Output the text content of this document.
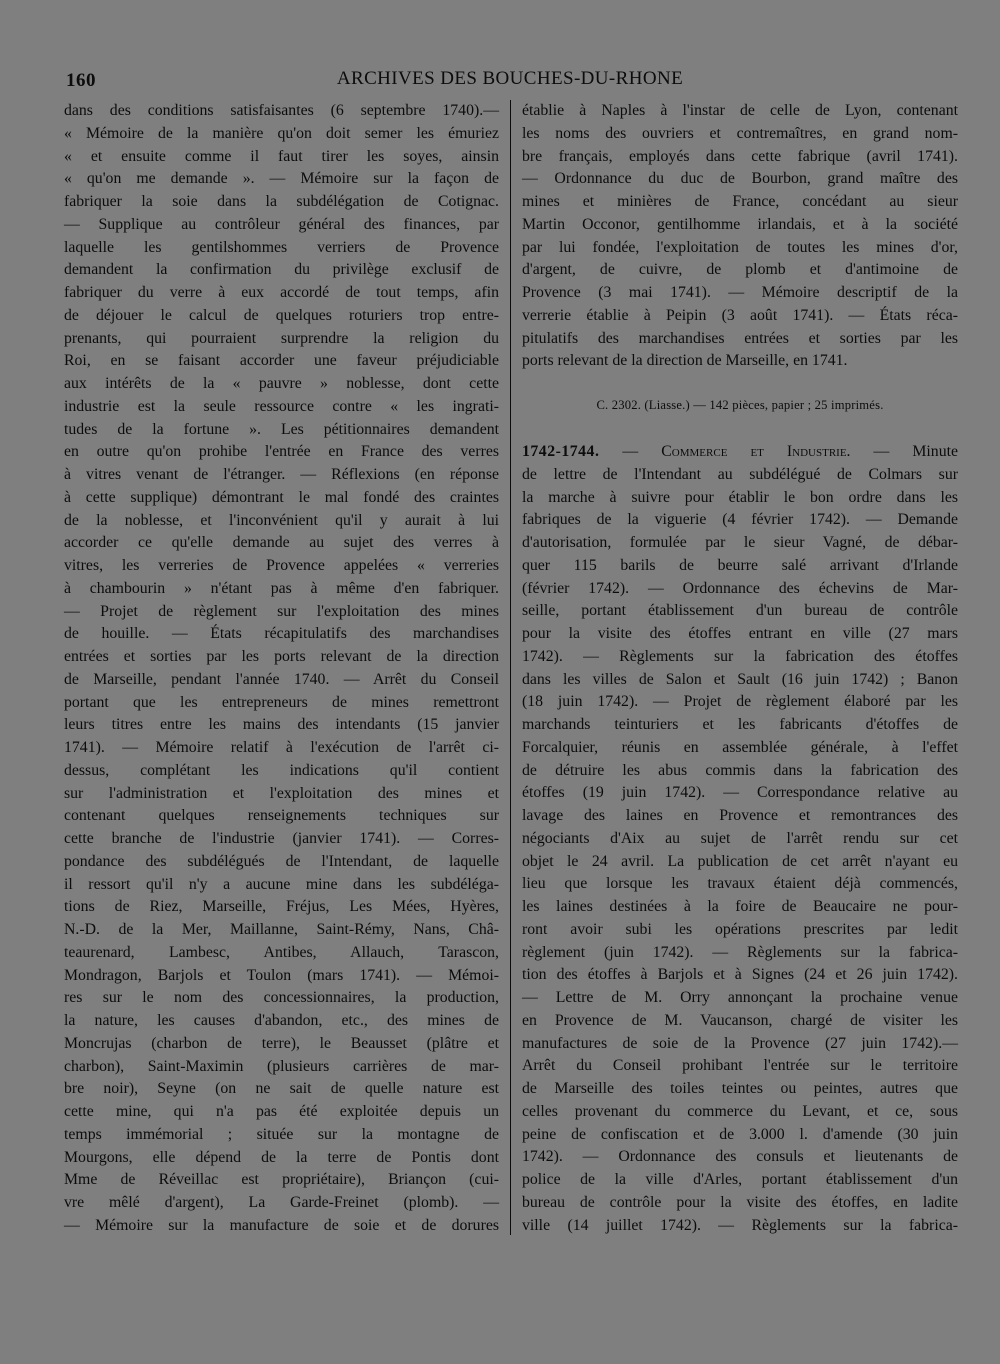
160	ARCHIVES DES BOUCHES-DU-RHONE
dans des conditions satisfaisantes (6 septembre 1740).—
« Mémoire de la manière qu'on doit semer les émuriez
« et ensuite comme il faut tirer les soyes, ainsin
« qu'on me demande ». — Mémoire sur la façon de
fabriquer la soie dans la subdélégation de Cotignac.
— Supplique au contrôleur général des finances, par
laquelle les gentilshommes verriers de Provence
demandent la confirmation du privilège exclusif de
fabriquer du verre à eux accordé de tout temps, afin
de déjouer le calcul de quelques roturiers trop entre-
prenants, qui pourraient surprendre la religion du
Roi, en se faisant accorder une faveur préjudiciable
aux intérêts de la « pauvre » noblesse, dont cette
industrie est la seule ressource contre « les ingrati-
tudes de la fortune ». Les pétitionnaires demandent
en outre qu'on prohibe l'entrée en France des verres
à vitres venant de l'étranger. — Réflexions (en réponse
à cette supplique) démontrant le mal fondé des craintes
de la noblesse, et l'inconvénient qu'il y aurait à lui
accorder ce qu'elle demande au sujet des verres à
vitres, les verreries de Provence appelées « verreries
à chambourin » n'étant pas à même d'en fabriquer.
— Projet de règlement sur l'exploitation des mines
de houille. — États récapitulatifs des marchandises
entrées et sorties par les ports relevant de la direction
de Marseille, pendant l'année 1740. — Arrêt du Conseil
portant que les entrepreneurs de mines remettront
leurs titres entre les mains des intendants (15 janvier
1741). — Mémoire relatif à l'exécution de l'arrêt ci-
dessus, complétant les indications qu'il contient
sur l'administration et l'exploitation des mines et
contenant quelques renseignements techniques sur
cette branche de l'industrie (janvier 1741). — Corres-
pondance des subdélégués de l'Intendant, de laquelle
il ressort qu'il n'y a aucune mine dans les subdéléga-
tions de Riez, Marseille, Fréjus, Les Mées, Hyères,
N.-D. de la Mer, Maillanne, Saint-Rémy, Nans, Châ-
teaurenard, Lambesc, Antibes, Allauch, Tarascon,
Mondragon, Barjols et Toulon (mars 1741). — Mémoi-
res sur le nom des concessionnaires, la production,
la nature, les causes d'abandon, etc., des mines de
Moncrujas (charbon de terre), le Beausset (plâtre et
charbon), Saint-Maximin (plusieurs carrières de mar-
bre noir), Seyne (on ne sait de quelle nature est
cette mine, qui n'a pas été exploitée depuis un
temps immémorial ; située sur la montagne de
Mourgons, elle dépend de la terre de Pontis dont
Mme de Réveillac est propriétaire), Briançon (cui-
vre mêlé d'argent), La Garde-Freinet (plomb). —
— Mémoire sur la manufacture de soie et de dorures
établie à Naples à l'instar de celle de Lyon, contenant
les noms des ouvriers et contremaîtres, en grand nom-
bre français, employés dans cette fabrique (avril 1741).
— Ordonnance du duc de Bourbon, grand maître des
mines et minières de France, concédant au sieur
Martin Occonor, gentilhomme irlandais, et à la société
par lui fondée, l'exploitation de toutes les mines d'or,
d'argent, de cuivre, de plomb et d'antimoine de
Provence (3 mai 1741). — Mémoire descriptif de la
verrerie établie à Peipin (3 août 1741). — États réca-
pitulatifs des marchandises entrées et sorties par les
ports relevant de la direction de Marseille, en 1741.
C. 2302. (Liasse.) — 142 pièces, papier ; 25 imprimés.
1742-1744. — Commerce et Industrie. — Minute
de lettre de l'Intendant au subdélégué de Colmars sur
la marche à suivre pour établir le bon ordre dans les
fabriques de la viguerie (4 février 1742). — Demande
d'autorisation, formulée par le sieur Vagné, de débar-
quer 115 barils de beurre salé arrivant d'Irlande
(février 1742). — Ordonnance des échevins de Mar-
seille, portant établissement d'un bureau de contrôle
pour la visite des étoffes entrant en ville (27 mars
1742). — Règlements sur la fabrication des étoffes
dans les villes de Salon et Sault (16 juin 1742) ; Banon
(18 juin 1742). — Projet de règlement élaboré par les
marchands teinturiers et les fabricants d'étoffes de
Forcalquier, réunis en assemblée générale, à l'effet
de détruire les abus commis dans la fabrication des
étoffes (19 juin 1742). — Correspondance relative au
lavage des laines en Provence et remontrances des
négociants d'Aix au sujet de l'arrêt rendu sur cet
objet le 24 avril. La publication de cet arrêt n'ayant eu
lieu que lorsque les travaux étaient déjà commencés,
les laines destinées à la foire de Beaucaire ne pour-
ront avoir subi les opérations prescrites par ledit
règlement (juin 1742). — Règlements sur la fabrica-
tion des étoffes à Barjols et à Signes (24 et 26 juin 1742).
— Lettre de M. Orry annonçant la prochaine venue
en Provence de M. Vaucanson, chargé de visiter les
manufactures de soie de la Provence (27 juin 1742).—
Arrêt du Conseil prohibant l'entrée sur le territoire
de Marseille des toiles teintes ou peintes, autres que
celles provenant du commerce du Levant, et ce, sous
peine de confiscation et de 3.000 l. d'amende (30 juin
1742). — Ordonnance des consuls et lieutenants de
police de la ville d'Arles, portant établissement d'un
bureau de contrôle pour la visite des étoffes, en ladite
ville (14 juillet 1742). — Règlements sur la fabrica-
